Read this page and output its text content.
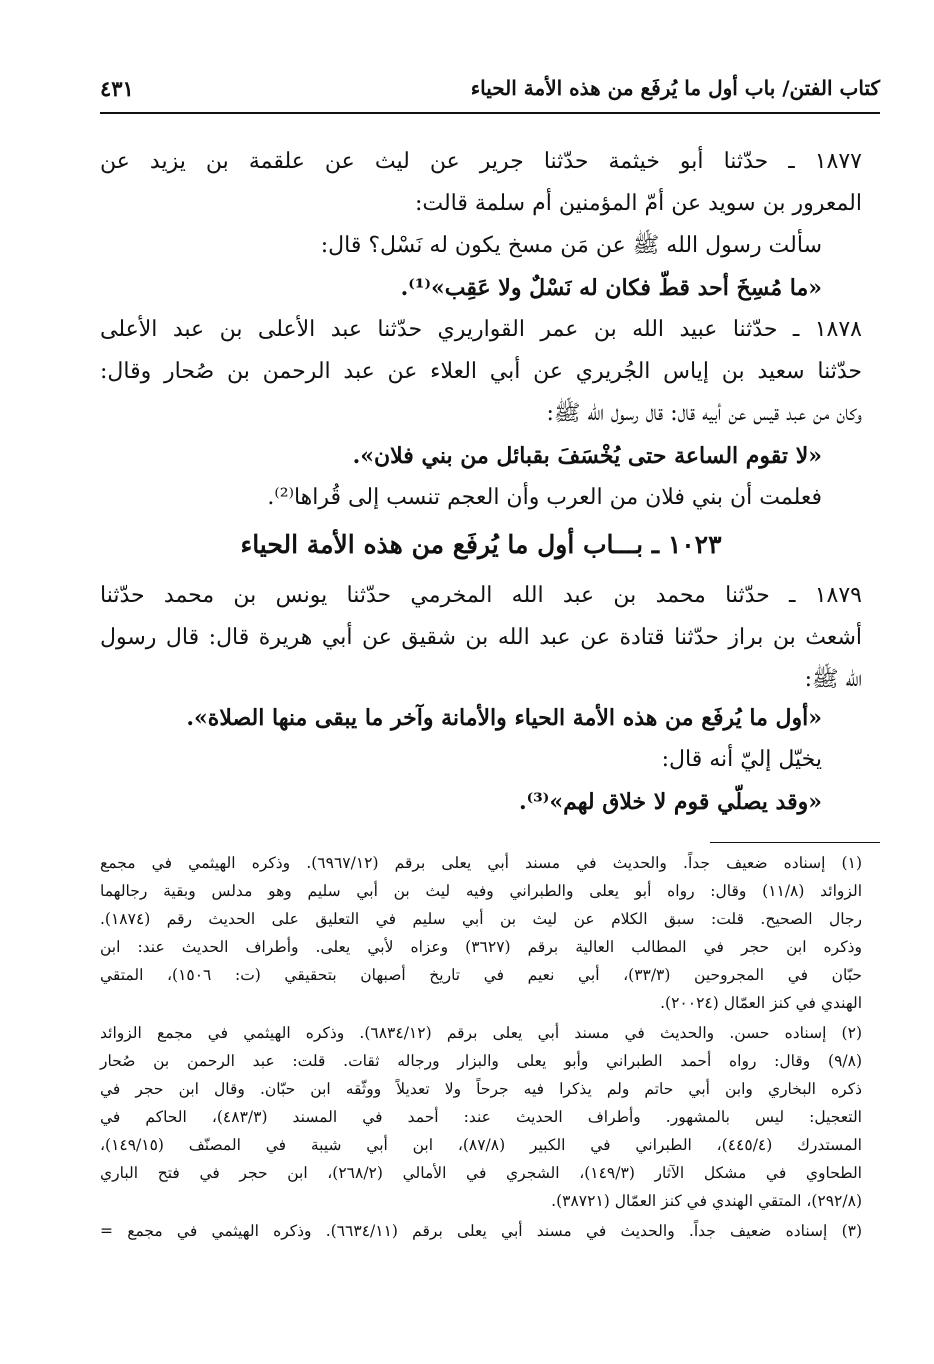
كتاب الفتن/ باب أول ما يُرفَع من هذه الأمة الحياء
٤٣١
١٨٧٧ ـ حدّثنا أبو خيثمة حدّثنا جرير عن ليث عن علقمة بن يزيد عن
المعرور بن سويد عن أمّ المؤمنين أم سلمة قالت:
سألت رسول الله ﷺ عن مَن مسخ يكون له نَسْل؟ قال:
«ما مُسِخَ أحد قطّ فكان له نَسْلٌ ولا عَقِب»⁽¹⁾.
١٨٧٨ ـ حدّثنا عبيد الله بن عمر القواريري حدّثنا عبد الأعلى بن عبد الأعلى
حدّثنا سعيد بن إياس الجُريري عن أبي العلاء عن عبد الرحمن بن صُحار وقال:
وكان من عبد قيس عن أبيه قال: قال رسول الله ﷺ:
«لا تقوم الساعة حتى يُخْسَفَ بقبائل من بني فلان».
فعلمت أن بني فلان من العرب وأن العجم تنسب إلى قُراها⁽²⁾.
١٠٢٣ ـ بـــاب أول ما يُرفَع من هذه الأمة الحياء
١٨٧٩ ـ حدّثنا محمد بن عبد الله المخرمي حدّثنا يونس بن محمد حدّثنا
أشعث بن براز حدّثنا قتادة عن عبد الله بن شقيق عن أبي هريرة قال: قال رسول
الله ﷺ:
«أول ما يُرفَع من هذه الأمة الحياء والأمانة وآخر ما يبقى منها الصلاة».
يخيّل إليّ أنه قال:
«وقد يصلّي قوم لا خلاق لهم»⁽³⁾.
(١) إسناده ضعيف جداً. والحديث في مسند أبي يعلى برقم (٦٩٦٧/١٢). وذكره الهيثمي في مجمع
الزوائد (١١/٨) وقال: رواه أبو يعلى والطبراني وفيه ليث بن أبي سليم وهو مدلس وبقية رجالهما
رجال الصحيح. قلت: سبق الكلام عن ليث بن أبي سليم في التعليق على الحديث رقم (١٨٧٤).
وذكره ابن حجر في المطالب العالية برقم (٣٦٢٧) وعزاه لأبي يعلى. وأطراف الحديث عند: ابن
حبّان في المجروحين (٣٣/٣)، أبي نعيم في تاريخ أصبهان بتحقيقي (ت: ١٥٠٦)، المتقي
الهندي في كنز العمّال (٢٠٠٢٤).
(٢) إسناده حسن. والحديث في مسند أبي يعلى برقم (٦٨٣٤/١٢). وذكره الهيثمي في مجمع الزوائد
(٩/٨) وقال: رواه أحمد الطبراني وأبو يعلى والبزار ورجاله ثقات. قلت: عبد الرحمن بن صُحار
ذكره البخاري وابن أبي حاتم ولم يذكرا فيه جرحاً ولا تعديلاً ووثّقه ابن حبّان. وقال ابن حجر في
التعجيل: ليس بالمشهور. وأطراف الحديث عند: أحمد في المسند (٤٨٣/٣)، الحاكم في
المستدرك (٤٤٥/٤)، الطبراني في الكبير (٨٧/٨)، ابن أبي شيبة في المصنّف (١٤٩/١٥)،
الطحاوي في مشكل الآثار (١٤٩/٣)، الشجري في الأمالي (٢٦٨/٢)، ابن حجر في فتح الباري
(٢٩٢/٨)، المتقي الهندي في كنز العمّال (٣٨٧٢١).
(٣) إسناده ضعيف جداً. والحديث في مسند أبي يعلى برقم (٦٦٣٤/١١). وذكره الهيثمي في مجمع =
